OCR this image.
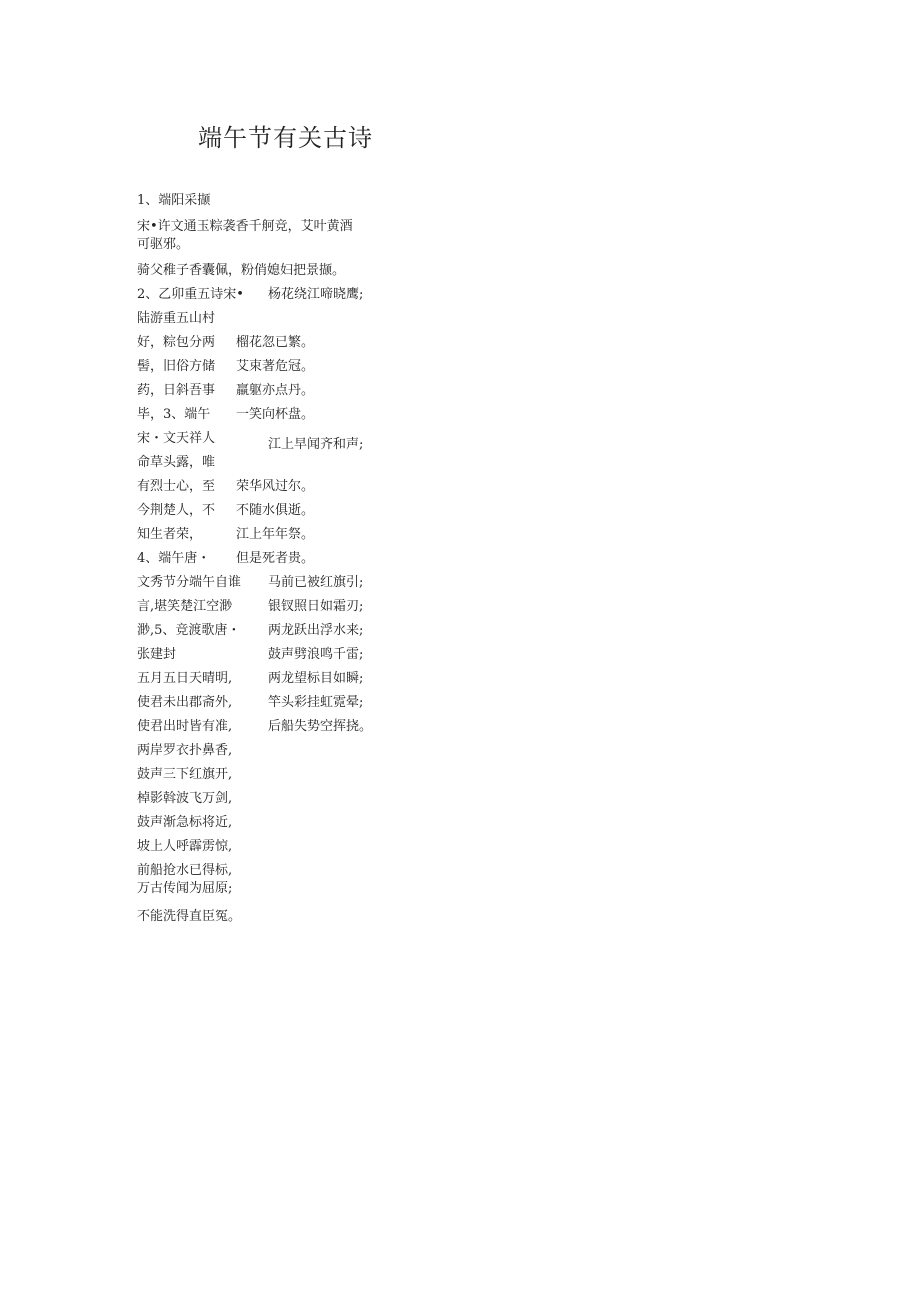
端午节有关古诗
1、端阳采撷
宋•许文通玉粽袭香千舸竞，艾叶黄酒
可驱邪。
骑父稚子香囊佩，粉俏媳妇把景撷。
2、乙卯重五诗宋•
陆游重五山村
好，粽包分两
髻，旧俗方储
药，日斜吾事
毕，3、端午
宋・文天祥人
命草头露，唯
有烈士心，至
今荆楚人，不
知生者荣，
4、端午唐・
文秀节分端午自谁
言,堪笑楚江空渺
渺,5、竞渡歌唐・
张建封
五月五日天晴明,
使君未出郡斋外,
使君出时皆有准,
两岸罗衣扑鼻香,
鼓声三下红旗开,
棹影斡波飞万剑,
鼓声渐急标将近,
坡上人呼霹雳惊,
前船抢水已得标,
万古传闻为屈原;
不能洗得直臣冤。
榴花忽已繁。
艾束著危冠。
羸躯亦点丹。
一笑向杯盘。
荣华风过尔。
不随水俱逝。
江上年年祭。
但是死者贵。
杨花绕江啼晓鹰;
江上早闻齐和声;
马前已被红旗引;
银钗照日如霜刃;
两龙跃出浮水来;
鼓声劈浪鸣千雷;
两龙望标目如瞬;
竿头彩挂虹霓晕;
后船失势空挥挠。
